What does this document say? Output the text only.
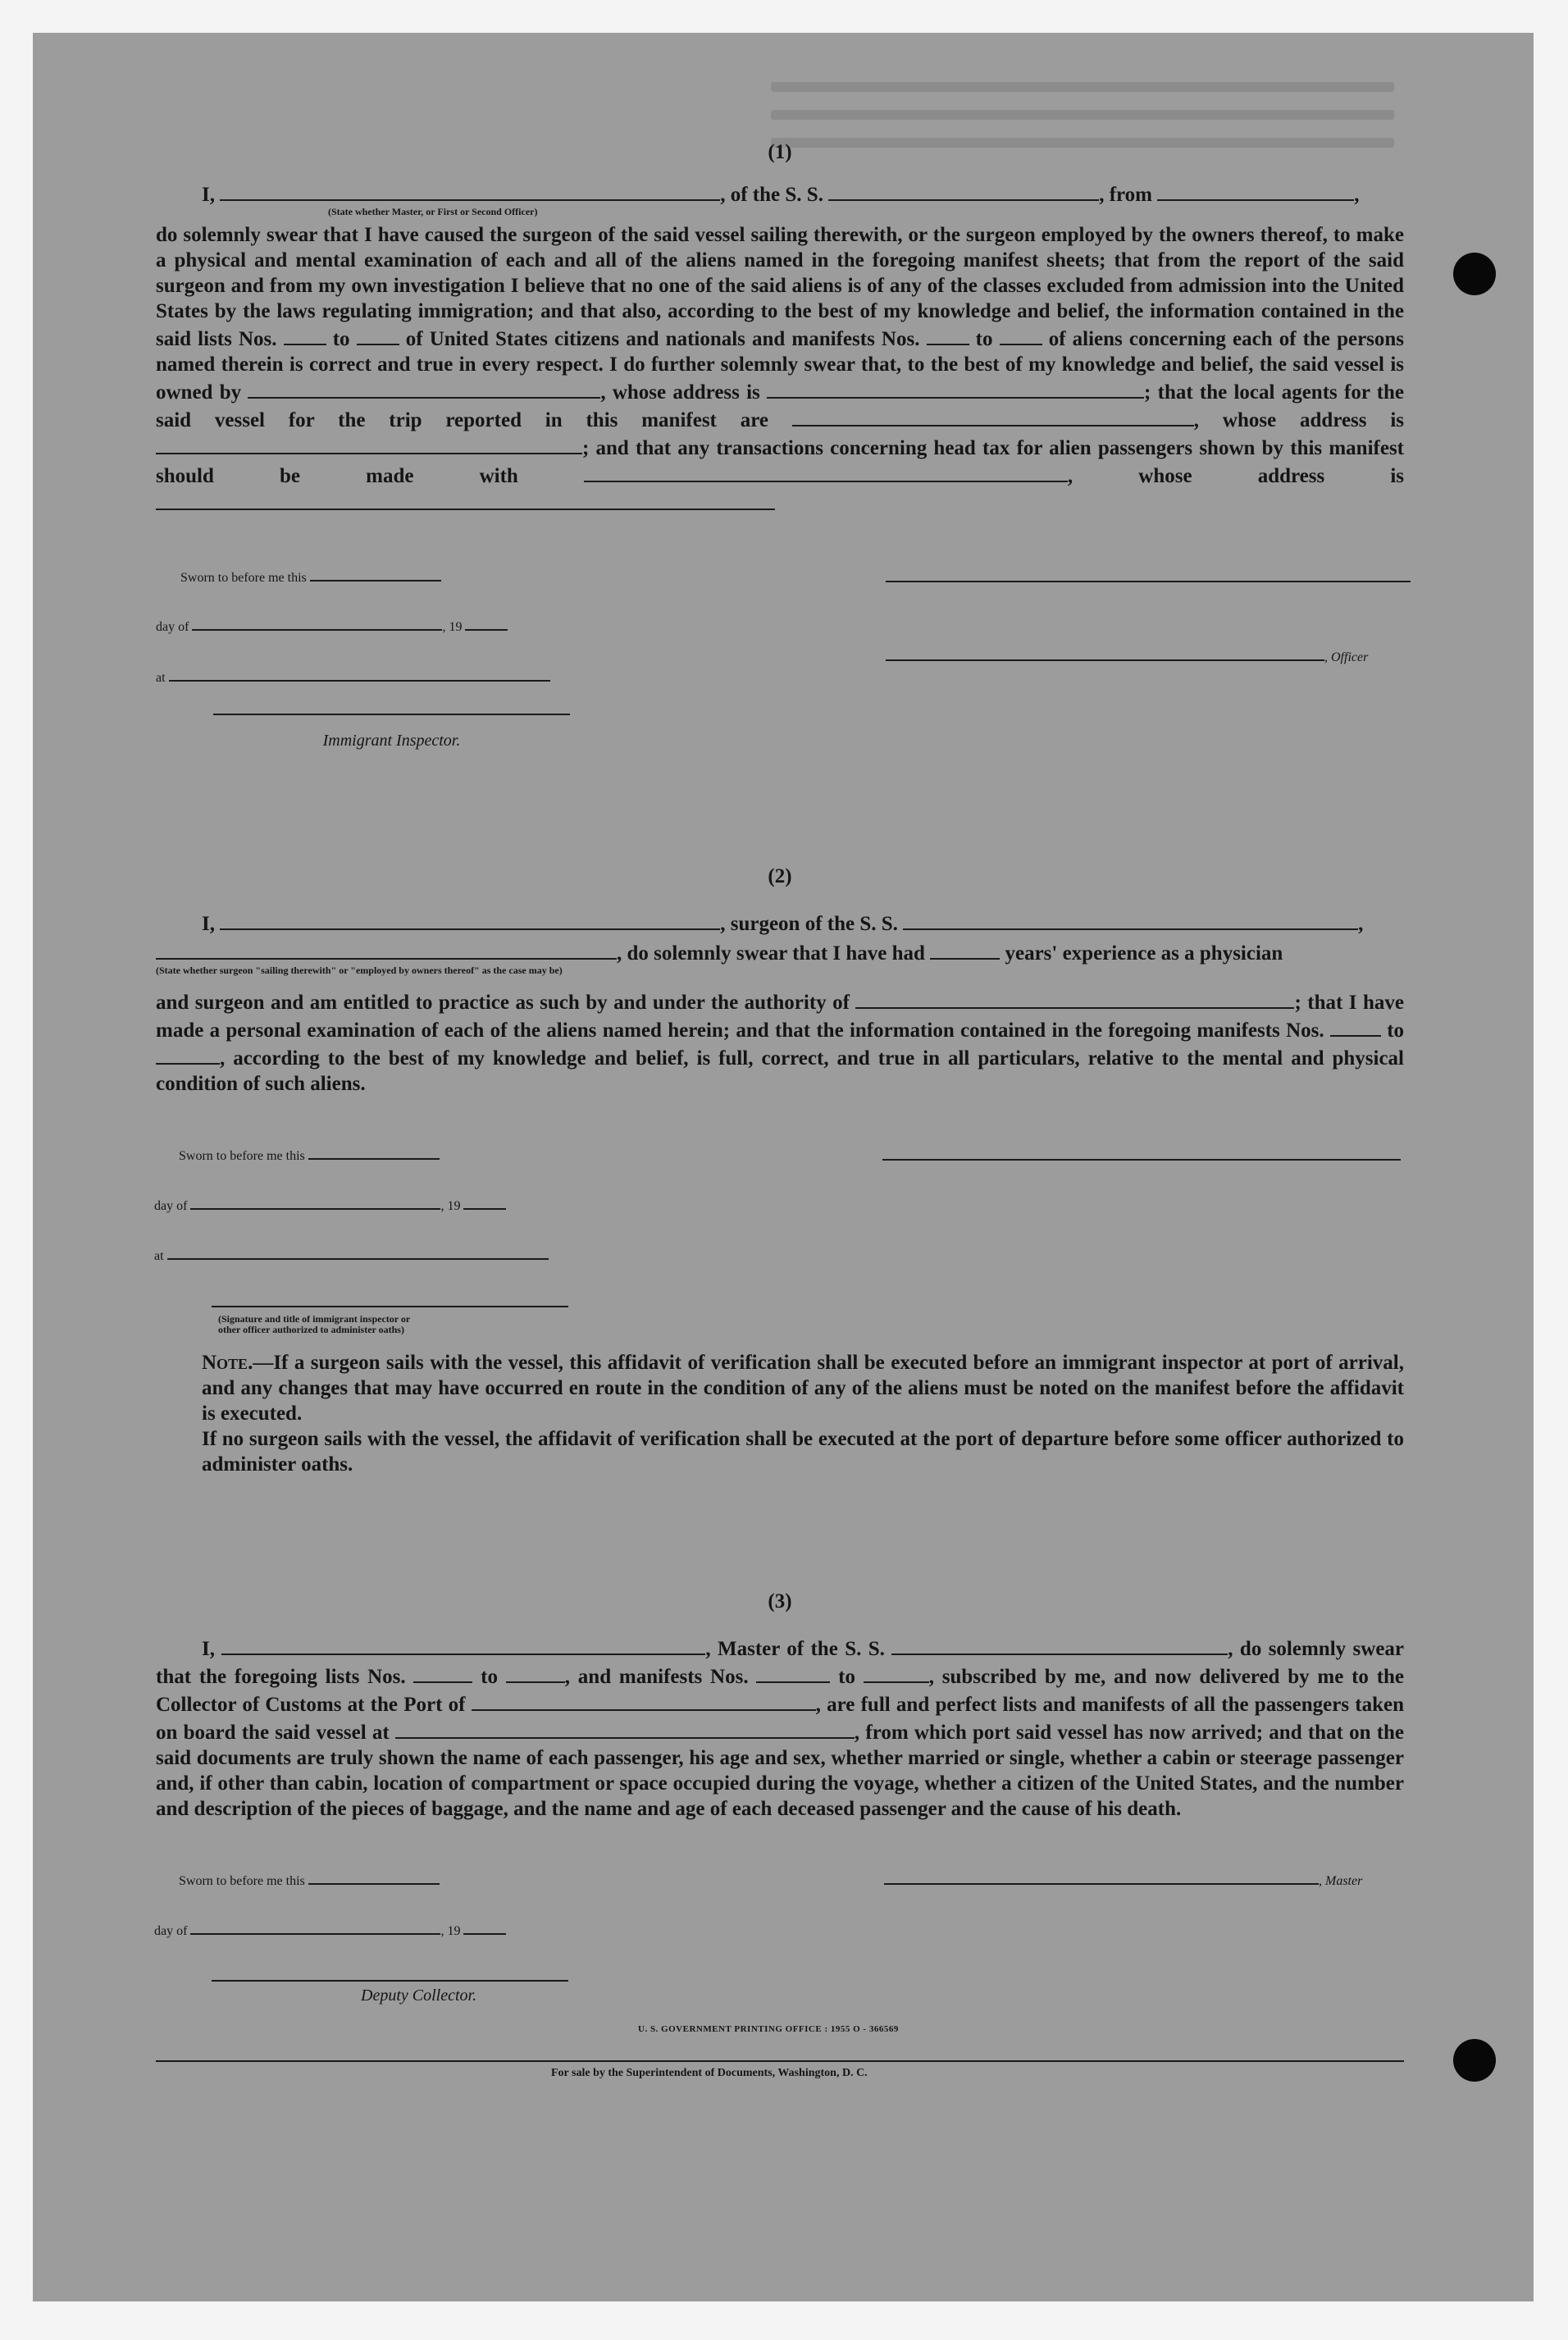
(1)
I,	, of the S. S.	, from	,
(State whether Master, or First or Second Officer)
do solemnly swear that I have caused the surgeon of the said vessel sailing therewith, or the surgeon employed by the owners thereof, to make a physical and mental examination of each and all of the aliens named in the foregoing manifest sheets; that from the report of the said surgeon and from my own investigation I believe that no one of the said aliens is of any of the classes excluded from admission into the United States by the laws regulating immigration; and that also, according to the best of my knowledge and belief, the information contained in the said lists Nos.	to	of United States citizens and nationals and manifests Nos.	to	of aliens concerning each of the persons named therein is correct and true in every respect. I do further solemnly swear that, to the best of my knowledge and belief, the said vessel is owned by	, whose address is	; that the local agents for the said vessel for the trip reported in this manifest are	, whose address is ; and that any transactions concerning head tax for alien passengers shown by this manifest should be made with	, whose address is
Sworn to before me this
day of	, 19
, Officer
at
Immigrant Inspector.
(2)
I,	, surgeon of the S. S.	,
, do solemnly swear that I have had	years' experience as a physician
(State whether surgeon "sailing therewith" or "employed by owners thereof" as the case may be)
and surgeon and am entitled to practice as such by and under the authority of	; that I have made a personal examination of each of the aliens named herein; and that the information contained in the foregoing manifests Nos.	to , according to the best of my knowledge and belief, is full, correct, and true in all particulars, relative to the mental and physical condition of such aliens.
Sworn to before me this
day of	, 19
at
(Signature and title of immigrant inspector or
other officer authorized to administer oaths)
Note.—If a surgeon sails with the vessel, this affidavit of verification shall be executed before an immigrant inspector at port of arrival, and any changes that may have occurred en route in the condition of any of the aliens must be noted on the manifest before the affidavit is executed.
If no surgeon sails with the vessel, the affidavit of verification shall be executed at the port of departure before some officer authorized to administer oaths.
(3)
I,	, Master of the S. S.	, do solemnly swear that the foregoing lists Nos.	to	, and manifests Nos.	to	, subscribed by me, and now delivered by me to the Collector of Customs at the Port of	, are full and perfect lists and manifests of all the passengers taken on board the said vessel at	, from which port said vessel has now arrived; and that on the said documents are truly shown the name of each passenger, his age and sex, whether married or single, whether a cabin or steerage passenger and, if other than cabin, location of compartment or space occupied during the voyage, whether a citizen of the United States, and the number and description of the pieces of baggage, and the name and age of each deceased passenger and the cause of his death.
Sworn to before me this	, Master
day of	, 19
Deputy Collector.
U. S. GOVERNMENT PRINTING OFFICE : 1955 O - 366569
For sale by the Superintendent of Documents, Washington, D. C.
